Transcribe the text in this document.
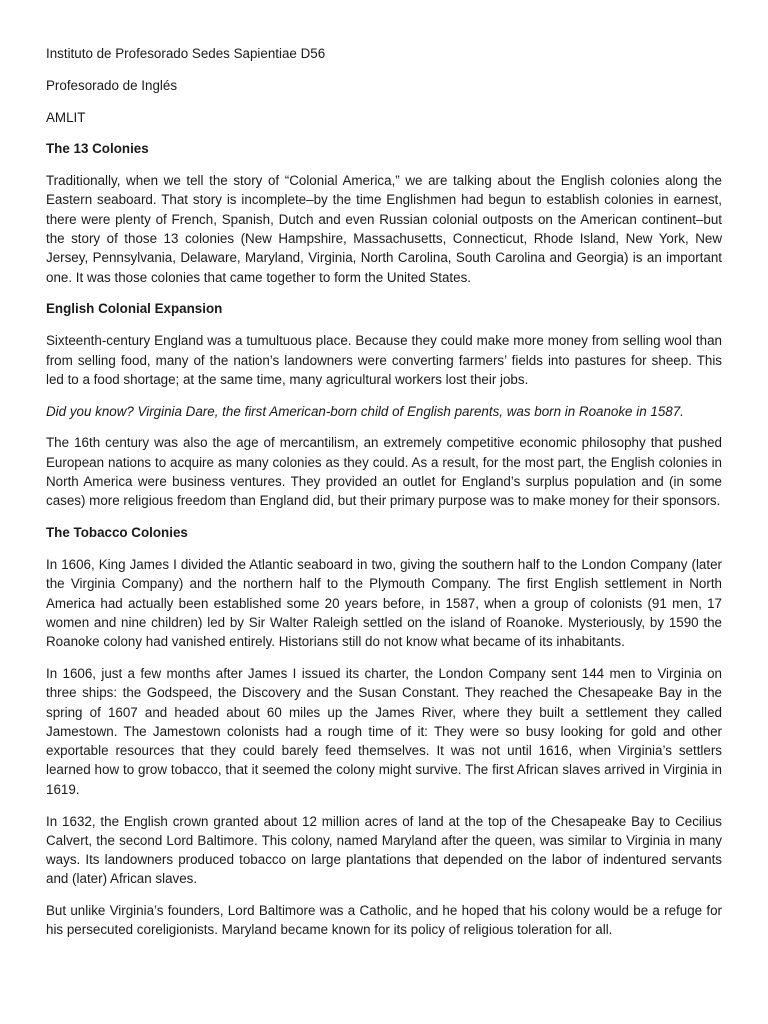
Instituto de Profesorado Sedes Sapientiae D56

Profesorado de Inglés

AMLIT

The 13 Colonies

Traditionally, when we tell the story of “Colonial America,” we are talking about the English colonies along the Eastern seaboard. That story is incomplete–by the time Englishmen had begun to establish colonies in earnest, there were plenty of French, Spanish, Dutch and even Russian colonial outposts on the American continent–but the story of those 13 colonies (New Hampshire, Massachusetts, Connecticut, Rhode Island, New York, New Jersey, Pennsylvania, Delaware, Maryland, Virginia, North Carolina, South Carolina and Georgia) is an important one. It was those colonies that came together to form the United States.

English Colonial Expansion

Sixteenth-century England was a tumultuous place. Because they could make more money from selling wool than from selling food, many of the nation’s landowners were converting farmers’ fields into pastures for sheep. This led to a food shortage; at the same time, many agricultural workers lost their jobs.

Did you know? Virginia Dare, the first American-born child of English parents, was born in Roanoke in 1587.

The 16th century was also the age of mercantilism, an extremely competitive economic philosophy that pushed European nations to acquire as many colonies as they could. As a result, for the most part, the English colonies in North America were business ventures. They provided an outlet for England’s surplus population and (in some cases) more religious freedom than England did, but their primary purpose was to make money for their sponsors.

The Tobacco Colonies

In 1606, King James I divided the Atlantic seaboard in two, giving the southern half to the London Company (later the Virginia Company) and the northern half to the Plymouth Company. The first English settlement in North America had actually been established some 20 years before, in 1587, when a group of colonists (91 men, 17 women and nine children) led by Sir Walter Raleigh settled on the island of Roanoke. Mysteriously, by 1590 the Roanoke colony had vanished entirely. Historians still do not know what became of its inhabitants.

In 1606, just a few months after James I issued its charter, the London Company sent 144 men to Virginia on three ships: the Godspeed, the Discovery and the Susan Constant. They reached the Chesapeake Bay in the spring of 1607 and headed about 60 miles up the James River, where they built a settlement they called Jamestown. The Jamestown colonists had a rough time of it: They were so busy looking for gold and other exportable resources that they could barely feed themselves. It was not until 1616, when Virginia’s settlers learned how to grow tobacco, that it seemed the colony might survive. The first African slaves arrived in Virginia in 1619.

In 1632, the English crown granted about 12 million acres of land at the top of the Chesapeake Bay to Cecilius Calvert, the second Lord Baltimore. This colony, named Maryland after the queen, was similar to Virginia in many ways. Its landowners produced tobacco on large plantations that depended on the labor of indentured servants and (later) African slaves.

But unlike Virginia’s founders, Lord Baltimore was a Catholic, and he hoped that his colony would be a refuge for his persecuted coreligionists. Maryland became known for its policy of religious toleration for all.
